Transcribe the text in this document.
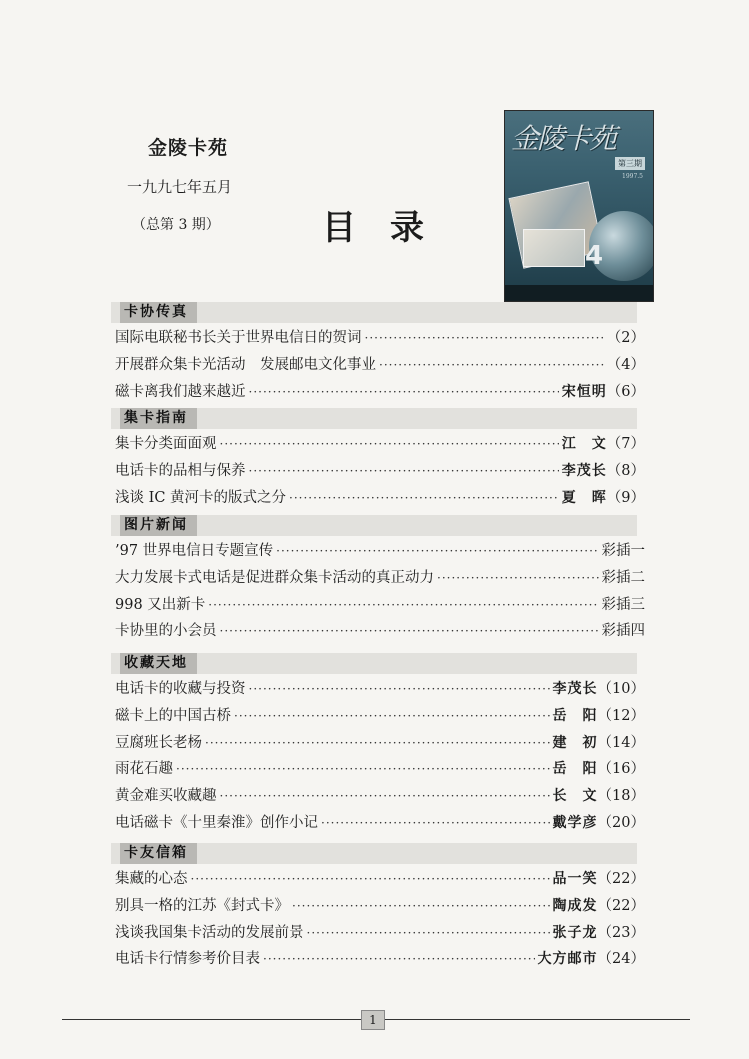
金陵卡苑
一九九七年五月
（总第 3 期）	目录
金陵卡苑
第三期
1997.5
4
卡协传真
国际电联秘书长关于世界电信日的贺词 ·····	（2）
开展群众集卡光活动　发展邮电文化事业 ·····	（4）
磁卡离我们越来越近 ·····	宋恒明 （6）
集卡指南
集卡分类面面观 ·····	江　文 （7）
电话卡的品相与保养 ·····	李茂长 （8）
浅谈 IC 黄河卡的版式之分 ·····	夏　晖 （9）
图片新闻
’97 世界电信日专题宣传 ·····	彩插一
大力发展卡式电话是促进群众集卡活动的真正动力 ·····	彩插二
998 又出新卡 ·····	彩插三
卡协里的小会员 ·····	彩插四
收藏天地
电话卡的收藏与投资 ·····	李茂长 （10）
磁卡上的中国古桥 ·····	岳　阳 （12）
豆腐班长老杨 ·····	建　初 （14）
雨花石趣 ·····	岳　阳 （16）
黄金难买收藏趣 ·····	长　文 （18）
电话磁卡《十里秦淮》创作小记 ·····	戴学彦 （20）
卡友信箱
集藏的心态 ·····	品一笑 （22）
别具一格的江苏《封式卡》 ·····	陶成发 （22）
浅谈我国集卡活动的发展前景 ·····	张子龙 （23）
电话卡行情参考价目表 ·····	大方邮市 （24）
1
